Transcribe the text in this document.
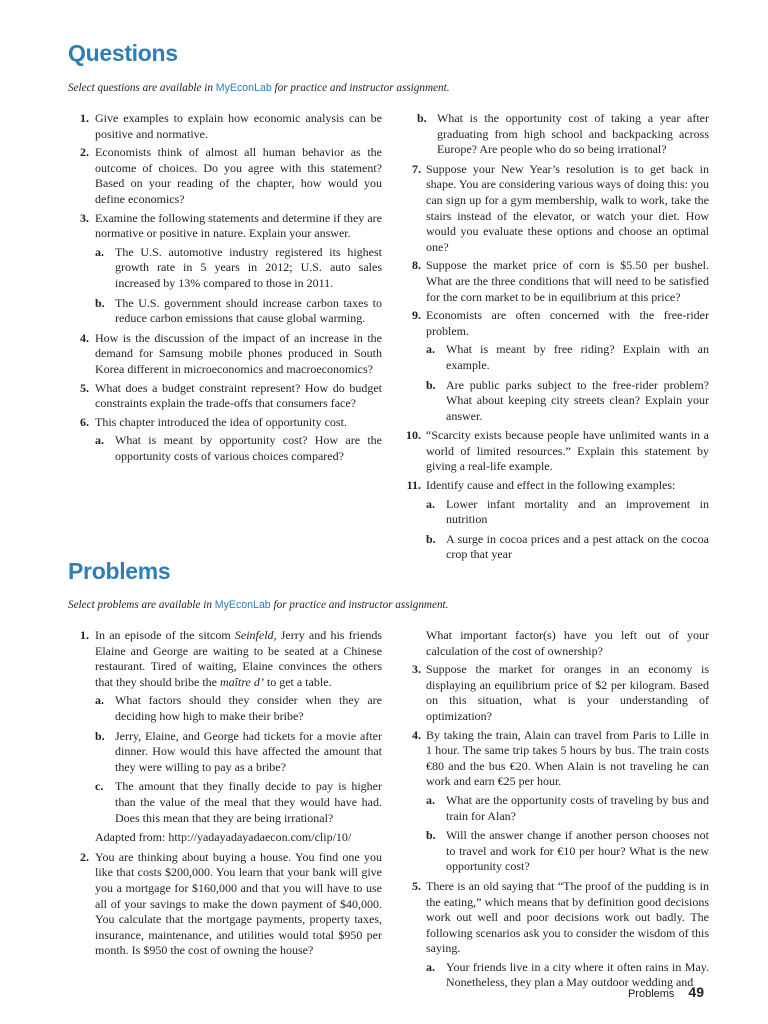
Questions

Select questions are available in MyEconLab for practice and instructor assignment.

1. Give examples to explain how economic analysis can be positive and normative.
2. Economists think of almost all human behavior as the outcome of choices. Do you agree with this statement? Based on your reading of the chapter, how would you define economics?
3. Examine the following statements and determine if they are normative or positive in nature. Explain your answer.
a. The U.S. automotive industry registered its highest growth rate in 5 years in 2012; U.S. auto sales increased by 13% compared to those in 2011.
b. The U.S. government should increase carbon taxes to reduce carbon emissions that cause global warming.
4. How is the discussion of the impact of an increase in the demand for Samsung mobile phones produced in South Korea different in microeconomics and macroeconomics?
5. What does a budget constraint represent? How do budget constraints explain the trade-offs that consumers face?
6. This chapter introduced the idea of opportunity cost.
a. What is meant by opportunity cost? How are the opportunity costs of various choices compared?
b. What is the opportunity cost of taking a year after graduating from high school and backpacking across Europe? Are people who do so being irrational?
7. Suppose your New Year’s resolution is to get back in shape. You are considering various ways of doing this: you can sign up for a gym membership, walk to work, take the stairs instead of the elevator, or watch your diet. How would you evaluate these options and choose an optimal one?
8. Suppose the market price of corn is $5.50 per bushel. What are the three conditions that will need to be satisfied for the corn market to be in equilibrium at this price?
9. Economists are often concerned with the free-rider problem.
a. What is meant by free riding? Explain with an example.
b. Are public parks subject to the free-rider problem? What about keeping city streets clean? Explain your answer.
10. “Scarcity exists because people have unlimited wants in a world of limited resources.” Explain this statement by giving a real-life example.
11. Identify cause and effect in the following examples:
a. Lower infant mortality and an improvement in nutrition
b. A surge in cocoa prices and a pest attack on the cocoa crop that year
Problems

Select problems are available in MyEconLab for practice and instructor assignment.

1. In an episode of the sitcom Seinfeld, Jerry and his friends Elaine and George are waiting to be seated at a Chinese restaurant. Tired of waiting, Elaine convinces the others that they should bribe the maître d’ to get a table.
a. What factors should they consider when they are deciding how high to make their bribe?
b. Jerry, Elaine, and George had tickets for a movie after dinner. How would this have affected the amount that they were willing to pay as a bribe?
c. The amount that they finally decide to pay is higher than the value of the meal that they would have had. Does this mean that they are being irrational?
Adapted from: http://yadayadayadaecon.com/clip/10/
2. You are thinking about buying a house. You find one you like that costs $200,000. You learn that your bank will give you a mortgage for $160,000 and that you will have to use all of your savings to make the down payment of $40,000. You calculate that the mortgage payments, property taxes, insurance, maintenance, and utilities would total $950 per month. Is $950 the cost of owning the house?
What important factor(s) have you left out of your calculation of the cost of ownership?
3. Suppose the market for oranges in an economy is displaying an equilibrium price of $2 per kilogram. Based on this situation, what is your understanding of optimization?
4. By taking the train, Alain can travel from Paris to Lille in 1 hour. The same trip takes 5 hours by bus. The train costs €80 and the bus €20. When Alain is not traveling he can work and earn €25 per hour.
a. What are the opportunity costs of traveling by bus and train for Alan?
b. Will the answer change if another person chooses not to travel and work for €10 per hour? What is the new opportunity cost?
5. There is an old saying that “The proof of the pudding is in the eating,” which means that by definition good decisions work out well and poor decisions work out badly. The following scenarios ask you to consider the wisdom of this saying.
a. Your friends live in a city where it often rains in May. Nonetheless, they plan a May outdoor wedding and
Problems 49
